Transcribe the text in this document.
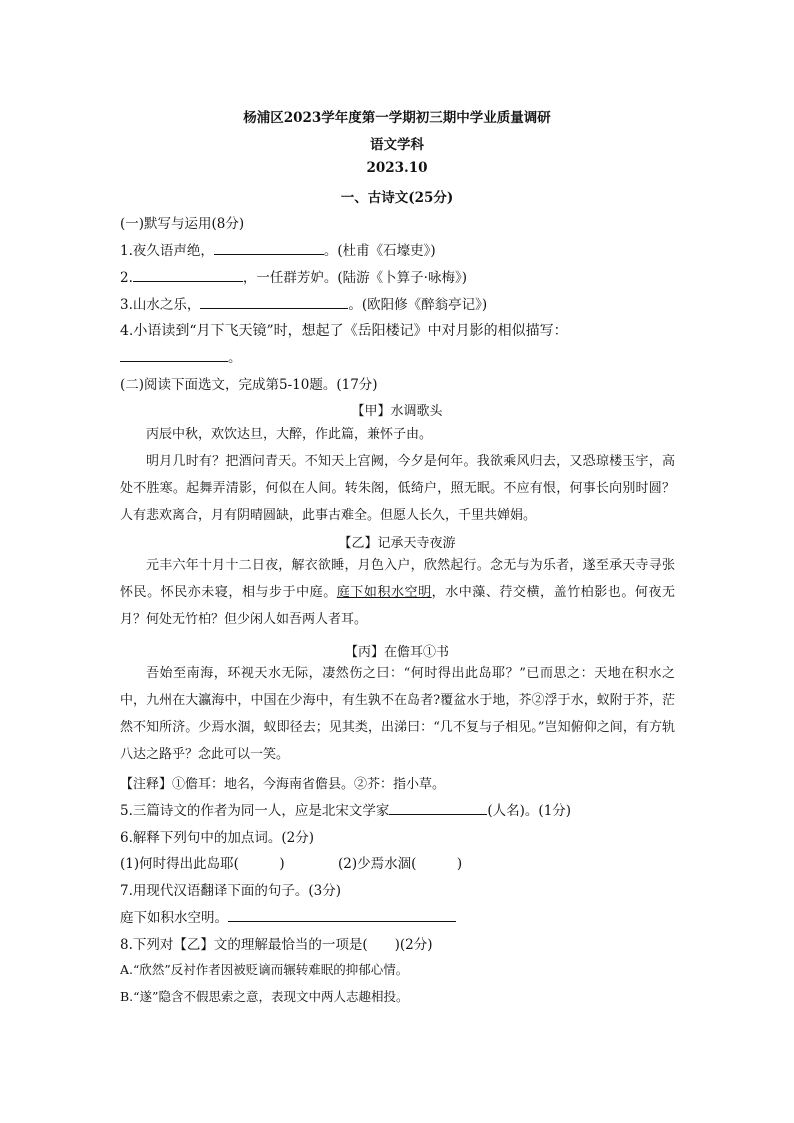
杨浦区2023学年度第一学期初三期中学业质量调研
语文学科
2023.10
一、古诗文(25分)
(一)默写与运用(8分)
1.夜久语声绝，	。(杜甫《石壕吏》)
2.	，一任群芳妒。(陆游《卜算子·咏梅》)
3.山水之乐，	。(欧阳修《醉翁亭记》)
4.小语读到“月下飞天镜”时，想起了《岳阳楼记》中对月影的相似描写：
。
(二)阅读下面选文，完成第5-10题。(17分)
【甲】水调歌头

丙辰中秋，欢饮达旦，大醉，作此篇，兼怀子由。

明月几时有？把酒问青天。不知天上宫阙，今夕是何年。我欲乘风归去，又恐琼楼玉宇，高处不胜寒。起舞弄清影，何似在人间。转朱阁，低绮户，照无眠。不应有恨，何事长向别时圆？人有悲欢离合，月有阴晴圆缺，此事古难全。但愿人长久，千里共婵娟。

【乙】记承天寺夜游

元丰六年十月十二日夜，解衣欲睡，月色入户，欣然起行。念无与为乐者，遂至承天寺寻张怀民。怀民亦未寝，相与步于中庭。庭下如积水空明，水中藻、荇交横，盖竹柏影也。何夜无月？何处无竹柏？但少闲人如吾两人者耳。

【丙】在儋耳①书

吾始至南海，环视天水无际，凄然伤之曰：“何时得出此岛耶？”已而思之：天地在积水之中，九州在大瀛海中，中国在少海中，有生孰不在岛者?覆盆水于地，芥②浮于水，蚁附于芥，茫然不知所济。少焉水涸，蚁即径去；见其类，出涕曰：“几不复与子相见。”岂知俯仰之间，有方轨八达之路乎？念此可以一笑。

【注释】①儋耳：地名，今海南省儋县。②芥：指小草。
5.三篇诗文的作者为同一人，应是北宋文学家	(人名)。(1分)
6.解释下列句中的加点词。(2分)
(1)何时得出此岛耶(　　　)	(2)少焉水涸(　　　)
7.用现代汉语翻译下面的句子。(3分)
庭下如积水空明。
8.下列对【乙】文的理解最恰当的一项是(　　)(2分)
A.“欣然”反衬作者因被贬谪而辗转难眠的抑郁心情。
B.“遂”隐含不假思索之意，表现文中两人志趣相投。
